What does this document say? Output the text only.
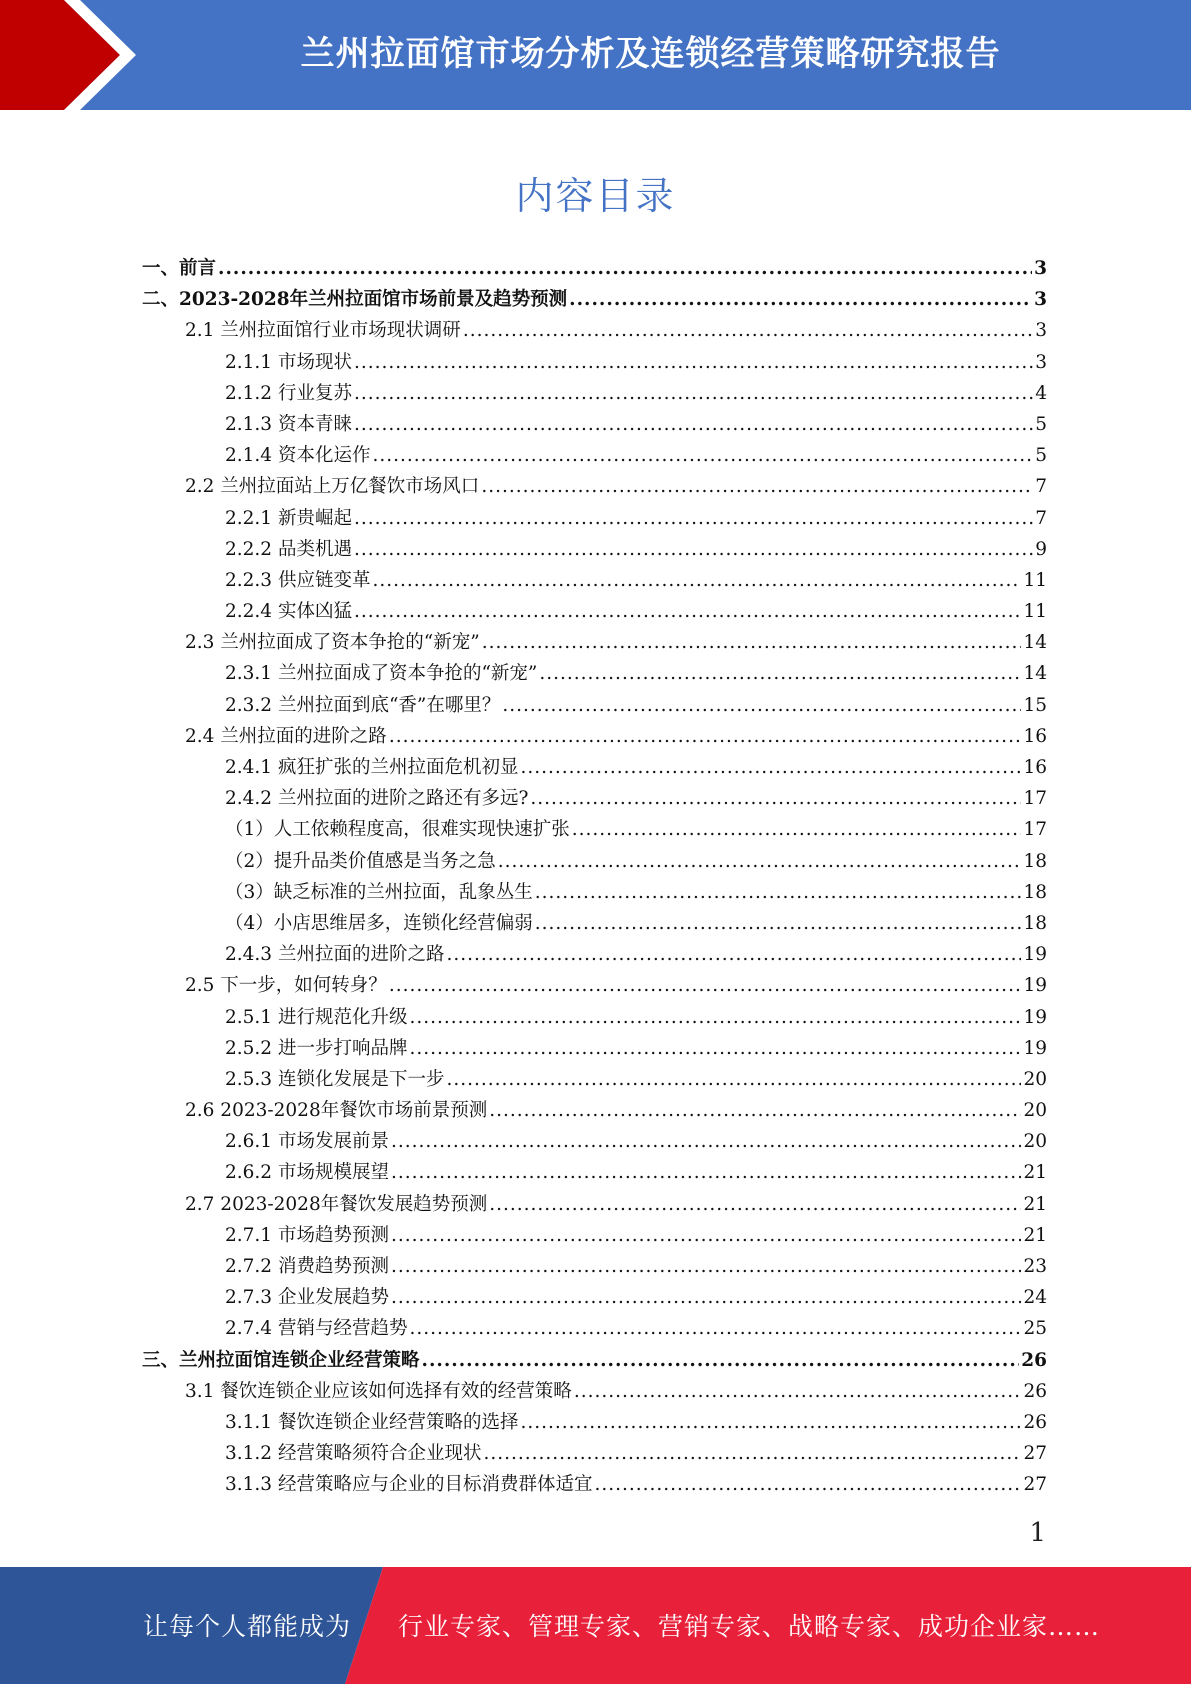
兰州拉面馆市场分析及连锁经营策略研究报告
内容目录
一、前言 .....	3
二、2023-2028年兰州拉面馆市场前景及趋势预测 .....	3
2.1 兰州拉面馆行业市场现状调研 .....	3
2.1.1 市场现状 .....	3
2.1.2 行业复苏 .....	4
2.1.3 资本青睐 .....	5
2.1.4 资本化运作 .....	5
2.2 兰州拉面站上万亿餐饮市场风口 .....	7
2.2.1 新贵崛起 .....	7
2.2.2 品类机遇 .....	9
2.2.3 供应链变革 .....	11
2.2.4 实体凶猛 .....	11
2.3 兰州拉面成了资本争抢的“新宠” .....	14
2.3.1 兰州拉面成了资本争抢的“新宠” .....	14
2.3.2 兰州拉面到底“香”在哪里？ .....	15
2.4 兰州拉面的进阶之路 .....	16
2.4.1 疯狂扩张的兰州拉面危机初显 .....	16
2.4.2 兰州拉面的进阶之路还有多远? .....	17
（1）人工依赖程度高，很难实现快速扩张 .....	17
（2）提升品类价值感是当务之急 .....	18
（3）缺乏标准的兰州拉面，乱象丛生 .....	18
（4）小店思维居多，连锁化经营偏弱 .....	18
2.4.3 兰州拉面的进阶之路 .....	19
2.5 下一步，如何转身？ .....	19
2.5.1 进行规范化升级 .....	19
2.5.2 进一步打响品牌 .....	19
2.5.3 连锁化发展是下一步 .....	20
2.6 2023-2028年餐饮市场前景预测 .....	20
2.6.1 市场发展前景 .....	20
2.6.2 市场规模展望 .....	21
2.7 2023-2028年餐饮发展趋势预测 .....	21
2.7.1 市场趋势预测 .....	21
2.7.2 消费趋势预测 .....	23
2.7.3 企业发展趋势 .....	24
2.7.4 营销与经营趋势 .....	25
三、兰州拉面馆连锁企业经营策略 .....	26
3.1 餐饮连锁企业应该如何选择有效的经营策略 .....	26
3.1.1 餐饮连锁企业经营策略的选择 .....	26
3.1.2 经营策略须符合企业现状 .....	27
3.1.3 经营策略应与企业的目标消费群体适宜 .....	27
1
让每个人都能成为 行业专家、管理专家、营销专家、战略专家、成功企业家……
